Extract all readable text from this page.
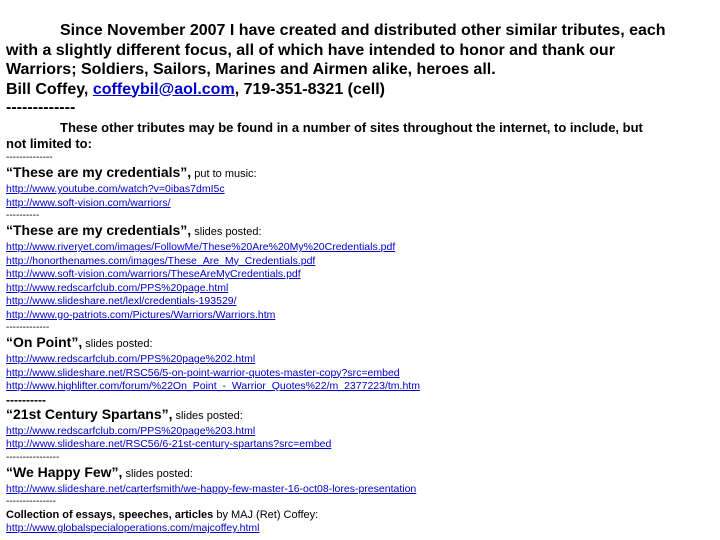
Since November 2007 I have created and distributed other similar tributes, each
with a slightly different focus, all of which have intended to honor and thank our
Warriors; Soldiers, Sailors, Marines and Airmen alike, heroes all.
Bill Coffey, coffeybil@aol.com, 719-351-8321 (cell)

-------------

These other tributes may be found in a number of sites throughout the internet, to include, but
not limited to:

--------------

“These are my credentials”, put to music:

http://www.youtube.com/watch?v=0ibas7dmI5c
http://www.soft-vision.com/warriors/

----------

“These are my credentials”, slides posted:

http://www.riveryet.com/images/FollowMe/These%20Are%20My%20Credentials.pdf
http://honorthenames.com/images/These_Are_My_Credentials.pdf
http://www.soft-vision.com/warriors/TheseAreMyCredentials.pdf
http://www.redscarfclub.com/PPS%20page.html
http://www.slideshare.net/lexl/credentials-193529/
http://www.go-patriots.com/Pictures/Warriors/Warriors.htm

-------------

“On Point”, slides posted:

http://www.redscarfclub.com/PPS%20page%202.html
http://www.slideshare.net/RSC56/5-on-point-warrior-quotes-master-copy?src=embed
http://www.highlifter.com/forum/%22On_Point_-_Warrior_Quotes%22/m_2377223/tm.htm

----------

“21st Century Spartans”, slides posted:

http://www.redscarfclub.com/PPS%20page%203.html
http://www.slideshare.net/RSC56/6-21st-century-spartans?src=embed

----------------

“We Happy Few”, slides posted:

http://www.slideshare.net/carterfsmith/we-happy-few-master-16-oct08-lores-presentation

---------------

Collection of essays, speeches, articles by MAJ (Ret) Coffey:

http://www.globalspecialoperations.com/majcoffey.html
